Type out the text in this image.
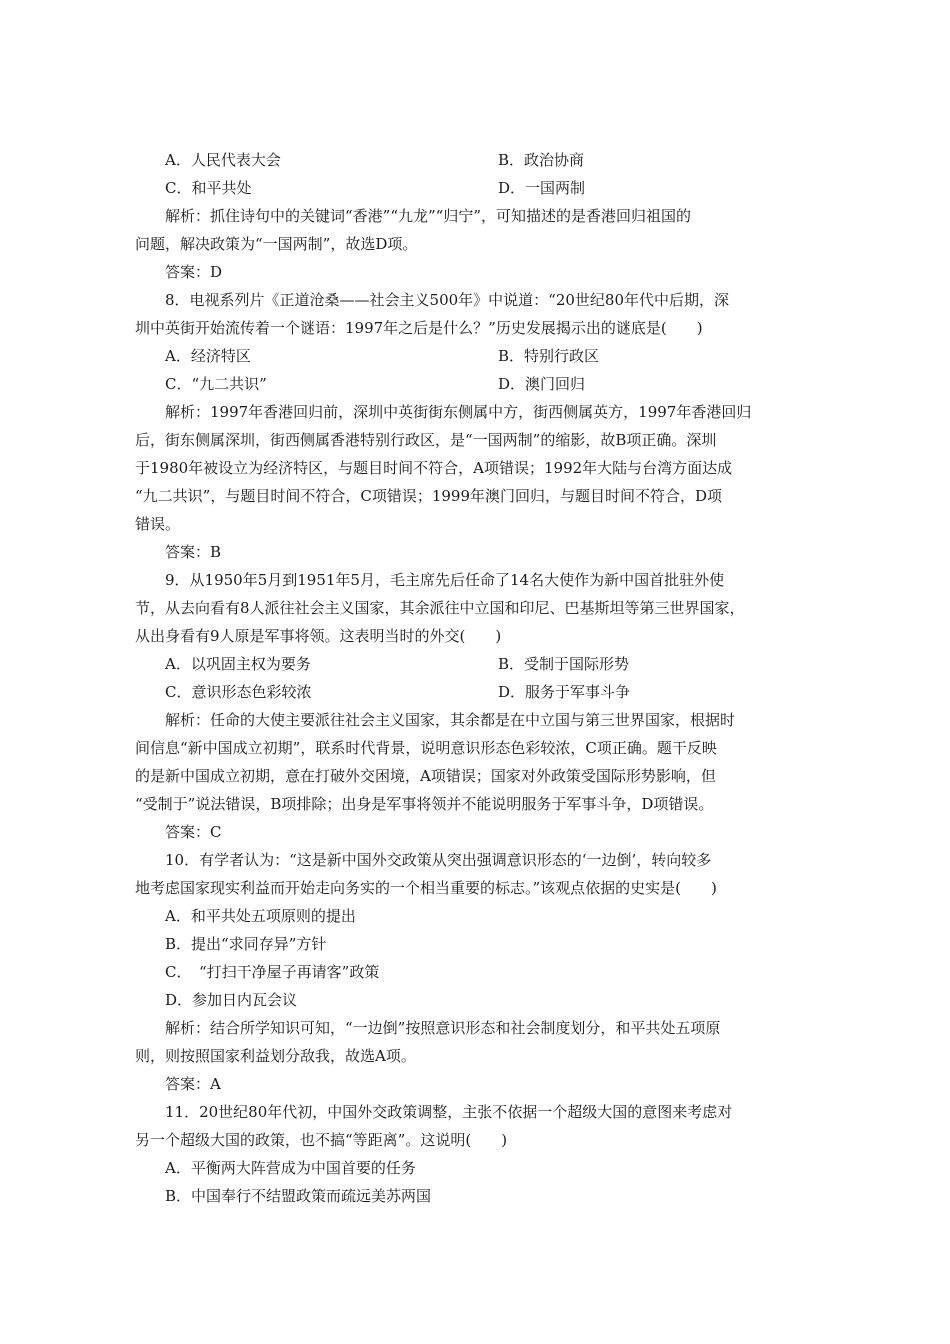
A．人民代表大会	B．政治协商
C．和平共处	D．一国两制
解析：抓住诗句中的关键词“香港”“九龙”“归宁”，可知描述的是香港回归祖国的
问题，解决政策为“一国两制”，故选D项。
答案：D
8．电视系列片《正道沧桑——社会主义500年》中说道：“20世纪80年代中后期，深
圳中英街开始流传着一个谜语：1997年之后是什么？”历史发展揭示出的谜底是(　　)
A．经济特区	B．特别行政区
C．“九二共识”	D．澳门回归
解析：1997年香港回归前，深圳中英街街东侧属中方，街西侧属英方，1997年香港回归
后，街东侧属深圳，街西侧属香港特别行政区，是“一国两制”的缩影，故B项正确。深圳
于1980年被设立为经济特区，与题目时间不符合，A项错误；1992年大陆与台湾方面达成
“九二共识”，与题目时间不符合，C项错误；1999年澳门回归，与题目时间不符合，D项
错误。
答案：B
9．从1950年5月到1951年5月，毛主席先后任命了14名大使作为新中国首批驻外使
节，从去向看有8人派往社会主义国家，其余派往中立国和印尼、巴基斯坦等第三世界国家，
从出身看有9人原是军事将领。这表明当时的外交(　　)
A．以巩固主权为要务	B．受制于国际形势
C．意识形态色彩较浓	D．服务于军事斗争
解析：任命的大使主要派往社会主义国家，其余都是在中立国与第三世界国家，根据时
间信息“新中国成立初期”，联系时代背景，说明意识形态色彩较浓，C项正确。题干反映
的是新中国成立初期，意在打破外交困境，A项错误；国家对外政策受国际形势影响，但
“受制于”说法错误，B项排除；出身是军事将领并不能说明服务于军事斗争，D项错误。
答案：C
10．有学者认为：“这是新中国外交政策从突出强调意识形态的‘一边倒’，转向较多
地考虑国家现实利益而开始走向务实的一个相当重要的标志。”该观点依据的史实是(　　)
A．和平共处五项原则的提出
B．提出“求同存异”方针
C．　“打扫干净屋子再请客”政策
D．参加日内瓦会议
解析：结合所学知识可知，“一边倒”按照意识形态和社会制度划分，和平共处五项原
则，则按照国家利益划分敌我，故选A项。
答案：A
11．20世纪80年代初，中国外交政策调整，主张不依据一个超级大国的意图来考虑对
另一个超级大国的政策，也不搞“等距离”。这说明(　　)
A．平衡两大阵营成为中国首要的任务
B．中国奉行不结盟政策而疏远美苏两国
